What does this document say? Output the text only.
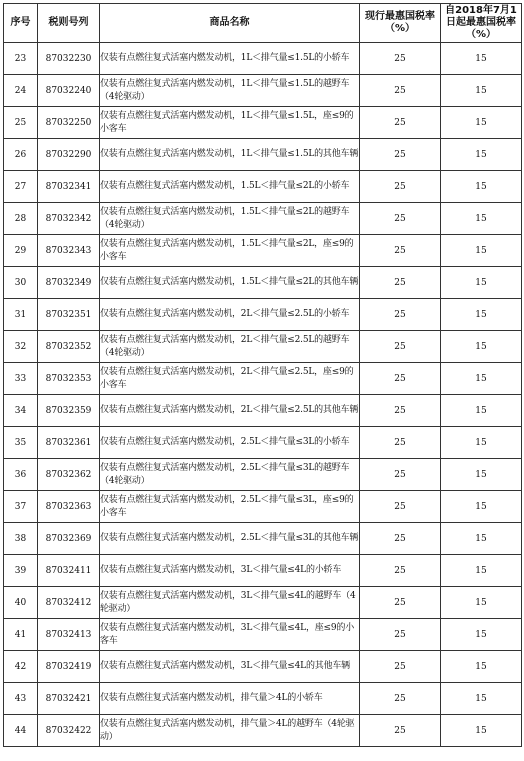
序号	税则号列	商品名称	现行最惠国税率（%）	自2018年7月1日起最惠国税率（%）
23	87032230	仅装有点燃往复式活塞内燃发动机，1L＜排气量≤1.5L的小轿车	25	15
24	87032240	仅装有点燃往复式活塞内燃发动机，1L＜排气量≤1.5L的越野车（4轮驱动）	25	15
25	87032250	仅装有点燃往复式活塞内燃发动机，1L＜排气量≤1.5L，座≤9的小客车	25	15
26	87032290	仅装有点燃往复式活塞内燃发动机，1L＜排气量≤1.5L的其他车辆	25	15
27	87032341	仅装有点燃往复式活塞内燃发动机，1.5L＜排气量≤2L的小轿车	25	15
28	87032342	仅装有点燃往复式活塞内燃发动机，1.5L＜排气量≤2L的越野车（4轮驱动）	25	15
29	87032343	仅装有点燃往复式活塞内燃发动机，1.5L＜排气量≤2L，座≤9的小客车	25	15
30	87032349	仅装有点燃往复式活塞内燃发动机，1.5L＜排气量≤2L的其他车辆	25	15
31	87032351	仅装有点燃往复式活塞内燃发动机，2L＜排气量≤2.5L的小轿车	25	15
32	87032352	仅装有点燃往复式活塞内燃发动机，2L＜排气量≤2.5L的越野车（4轮驱动）	25	15
33	87032353	仅装有点燃往复式活塞内燃发动机，2L＜排气量≤2.5L，座≤9的小客车	25	15
34	87032359	仅装有点燃往复式活塞内燃发动机，2L＜排气量≤2.5L的其他车辆	25	15
35	87032361	仅装有点燃往复式活塞内燃发动机，2.5L＜排气量≤3L的小轿车	25	15
36	87032362	仅装有点燃往复式活塞内燃发动机，2.5L＜排气量≤3L的越野车（4轮驱动）	25	15
37	87032363	仅装有点燃往复式活塞内燃发动机，2.5L＜排气量≤3L，座≤9的小客车	25	15
38	87032369	仅装有点燃往复式活塞内燃发动机，2.5L＜排气量≤3L的其他车辆	25	15
39	87032411	仅装有点燃往复式活塞内燃发动机，3L＜排气量≤4L的小轿车	25	15
40	87032412	仅装有点燃往复式活塞内燃发动机，3L＜排气量≤4L的越野车（4轮驱动）	25	15
41	87032413	仅装有点燃往复式活塞内燃发动机，3L＜排气量≤4L，座≤9的小客车	25	15
42	87032419	仅装有点燃往复式活塞内燃发动机，3L＜排气量≤4L的其他车辆	25	15
43	87032421	仅装有点燃往复式活塞内燃发动机，排气量＞4L的小轿车	25	15
44	87032422	仅装有点燃往复式活塞内燃发动机，排气量＞4L的越野车（4轮驱动）	25	15
